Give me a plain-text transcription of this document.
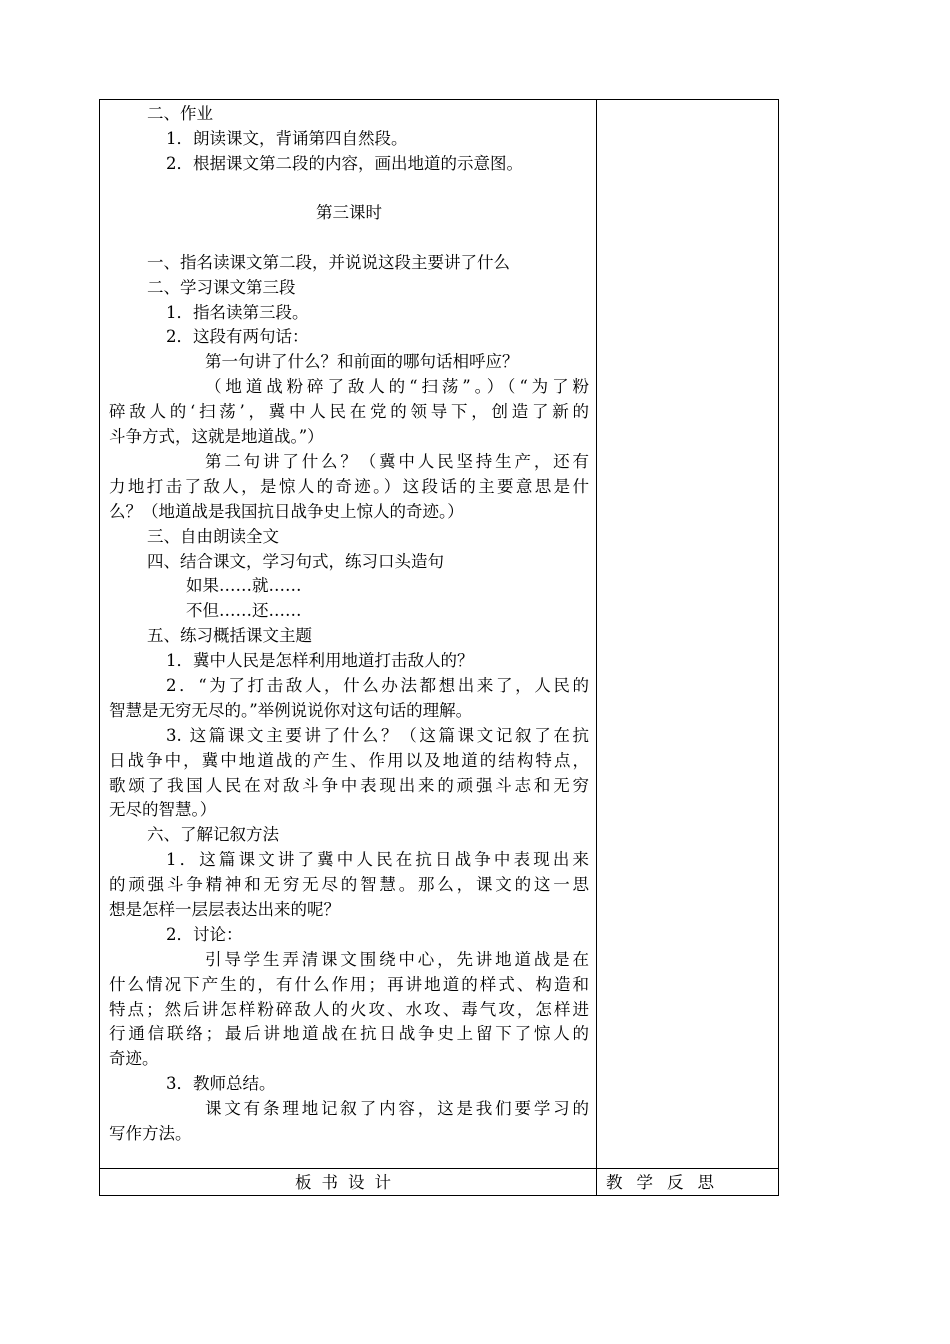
二、作业
1．朗读课文，背诵第四自然段。
2．根据课文第二段的内容，画出地道的示意图。
第三课时
一、指名读课文第二段，并说说这段主要讲了什么
二、学习课文第三段
1．指名读第三段。
2．这段有两句话：
第一句讲了什么？和前面的哪句话相呼应？
（地道战粉碎了敌人的“扫荡”。）（“为了粉
碎敌人的‘扫荡’，冀中人民在党的领导下，创造了新的
斗争方式，这就是地道战。”）
第二句讲了什么？（冀中人民坚持生产，还有
力地打击了敌人，是惊人的奇迹。）这段话的主要意思是什
么？（地道战是我国抗日战争史上惊人的奇迹。）
三、自由朗读全文
四、结合课文，学习句式，练习口头造句
如果……就……
不但……还……
五、练习概括课文主题
1．冀中人民是怎样利用地道打击敌人的？
2．“为了打击敌人，什么办法都想出来了，人民的
智慧是无穷无尽的。”举例说说你对这句话的理解。
3. 这篇课文主要讲了什么？（这篇课文记叙了在抗
日战争中，冀中地道战的产生、作用以及地道的结构特点，
歌颂了我国人民在对敌斗争中表现出来的顽强斗志和无穷
无尽的智慧。）
六、了解记叙方法
1．这篇课文讲了冀中人民在抗日战争中表现出来
的顽强斗争精神和无穷无尽的智慧。那么，课文的这一思
想是怎样一层层表达出来的呢？
2．讨论：
引导学生弄清课文围绕中心，先讲地道战是在
什么情况下产生的，有什么作用；再讲地道的样式、构造和
特点；然后讲怎样粉碎敌人的火攻、水攻、毒气攻，怎样进
行通信联络；最后讲地道战在抗日战争史上留下了惊人的
奇迹。
3．教师总结。
课文有条理地记叙了内容，这是我们要学习的
写作方法。
板书设计	教学反思
